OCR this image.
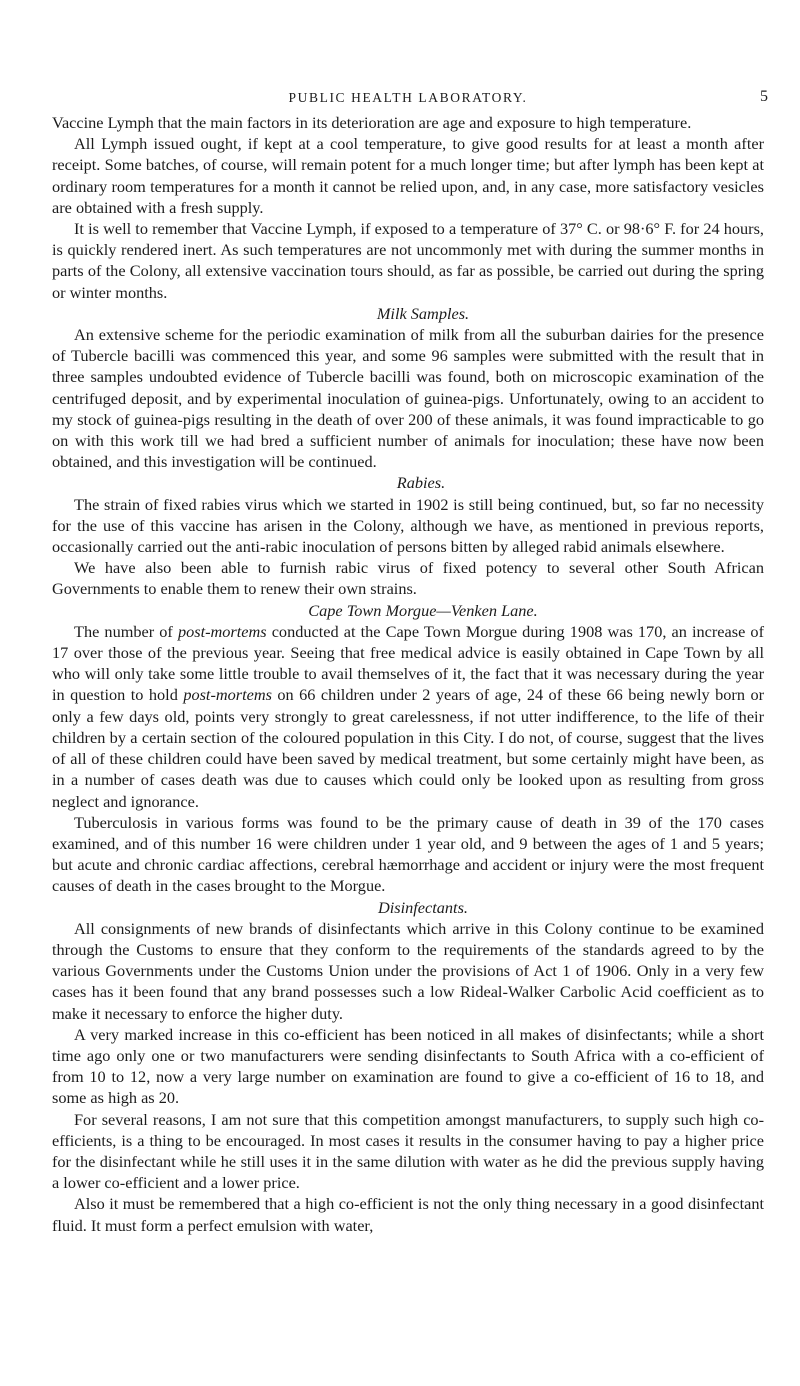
PUBLIC HEALTH LABORATORY.	5

Vaccine Lymph that the main factors in its deterioration are age and exposure to high temperature.

All Lymph issued ought, if kept at a cool temperature, to give good results for at least a month after receipt. Some batches, of course, will remain potent for a much longer time; but after lymph has been kept at ordinary room temperatures for a month it cannot be relied upon, and, in any case, more satisfactory vesicles are obtained with a fresh supply.

It is well to remember that Vaccine Lymph, if exposed to a temperature of 37° C. or 98·6° F. for 24 hours, is quickly rendered inert. As such temperatures are not uncommonly met with during the summer months in parts of the Colony, all extensive vaccination tours should, as far as possible, be carried out during the spring or winter months.

Milk Samples.

An extensive scheme for the periodic examination of milk from all the suburban dairies for the presence of Tubercle bacilli was commenced this year, and some 96 samples were submitted with the result that in three samples undoubted evidence of Tubercle bacilli was found, both on microscopic examination of the centrifuged deposit, and by experimental inoculation of guinea-pigs. Unfortunately, owing to an accident to my stock of guinea-pigs resulting in the death of over 200 of these animals, it was found impracticable to go on with this work till we had bred a sufficient number of animals for inoculation; these have now been obtained, and this investigation will be continued.

Rabies.

The strain of fixed rabies virus which we started in 1902 is still being continued, but, so far no necessity for the use of this vaccine has arisen in the Colony, although we have, as mentioned in previous reports, occasionally carried out the anti-rabic inoculation of persons bitten by alleged rabid animals elsewhere.

We have also been able to furnish rabic virus of fixed potency to several other South African Governments to enable them to renew their own strains.

Cape Town Morgue—Venken Lane.

The number of post-mortems conducted at the Cape Town Morgue during 1908 was 170, an increase of 17 over those of the previous year. Seeing that free medical advice is easily obtained in Cape Town by all who will only take some little trouble to avail themselves of it, the fact that it was necessary during the year in question to hold post-mortems on 66 children under 2 years of age, 24 of these 66 being newly born or only a few days old, points very strongly to great carelessness, if not utter indifference, to the life of their children by a certain section of the coloured population in this City. I do not, of course, suggest that the lives of all of these children could have been saved by medical treatment, but some certainly might have been, as in a number of cases death was due to causes which could only be looked upon as resulting from gross neglect and ignorance.

Tuberculosis in various forms was found to be the primary cause of death in 39 of the 170 cases examined, and of this number 16 were children under 1 year old, and 9 between the ages of 1 and 5 years; but acute and chronic cardiac affections, cerebral hæmorrhage and accident or injury were the most frequent causes of death in the cases brought to the Morgue.

Disinfectants.

All consignments of new brands of disinfectants which arrive in this Colony continue to be examined through the Customs to ensure that they conform to the requirements of the standards agreed to by the various Governments under the Customs Union under the provisions of Act 1 of 1906. Only in a very few cases has it been found that any brand possesses such a low Rideal-Walker Carbolic Acid coefficient as to make it necessary to enforce the higher duty.

A very marked increase in this co-efficient has been noticed in all makes of disinfectants; while a short time ago only one or two manufacturers were sending disinfectants to South Africa with a co-efficient of from 10 to 12, now a very large number on examination are found to give a co-efficient of 16 to 18, and some as high as 20.

For several reasons, I am not sure that this competition amongst manufacturers, to supply such high co-efficients, is a thing to be encouraged. In most cases it results in the consumer having to pay a higher price for the disinfectant while he still uses it in the same dilution with water as he did the previous supply having a lower co-efficient and a lower price.

Also it must be remembered that a high co-efficient is not the only thing necessary in a good disinfectant fluid. It must form a perfect emulsion with water,
